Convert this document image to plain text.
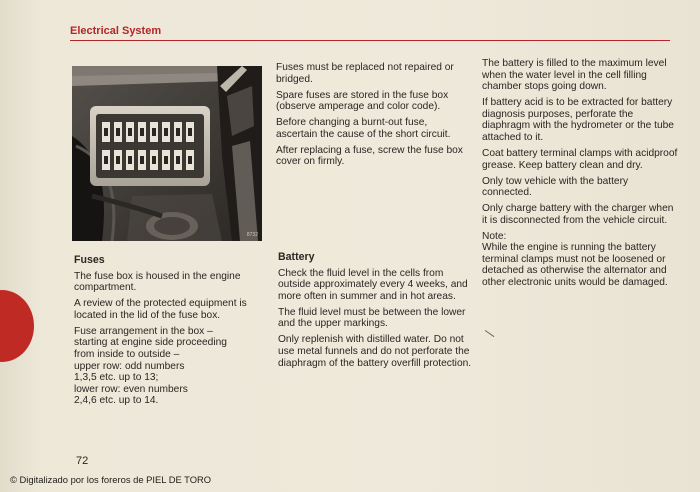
Electrical System
8732
Fuses

The fuse box is housed in the engine compartment.

A review of the protected equipment is located in the lid of the fuse box.

Fuse arrangement in the box –
starting at engine side proceeding
from inside to outside –
upper row: odd numbers
1,3,5 etc. up to 13;
lower row: even numbers
2,4,6 etc. up to 14.

Fuses must be replaced not repaired or bridged.

Spare fuses are stored in the fuse box (observe amperage and color code).

Before changing a burnt-out fuse, ascertain the cause of the short circuit.

After replacing a fuse, screw the fuse box cover on firmly.

Battery

Check the fluid level in the cells from outside approximately every 4 weeks, and more often in summer and in hot areas.

The fluid level must be between the lower and the upper markings.

Only replenish with distilled water. Do not use metal funnels and do not perforate the diaphragm of the battery overfill protection.

The battery is filled to the maximum level when the water level in the cell filling chamber stops going down.

If battery acid is to be extracted for battery diagnosis purposes, perforate the diaphragm with the hydrometer or the tube attached to it.

Coat battery terminal clamps with acidproof grease. Keep battery clean and dry.

Only tow vehicle with the battery connected.

Only charge battery with the charger when it is disconnected from the vehicle circuit.

Note:

While the engine is running the battery terminal clamps must not be loosened or detached as otherwise the alternator and other electronic units would be damaged.

72
© Digitalizado por los foreros de PIEL DE TORO
